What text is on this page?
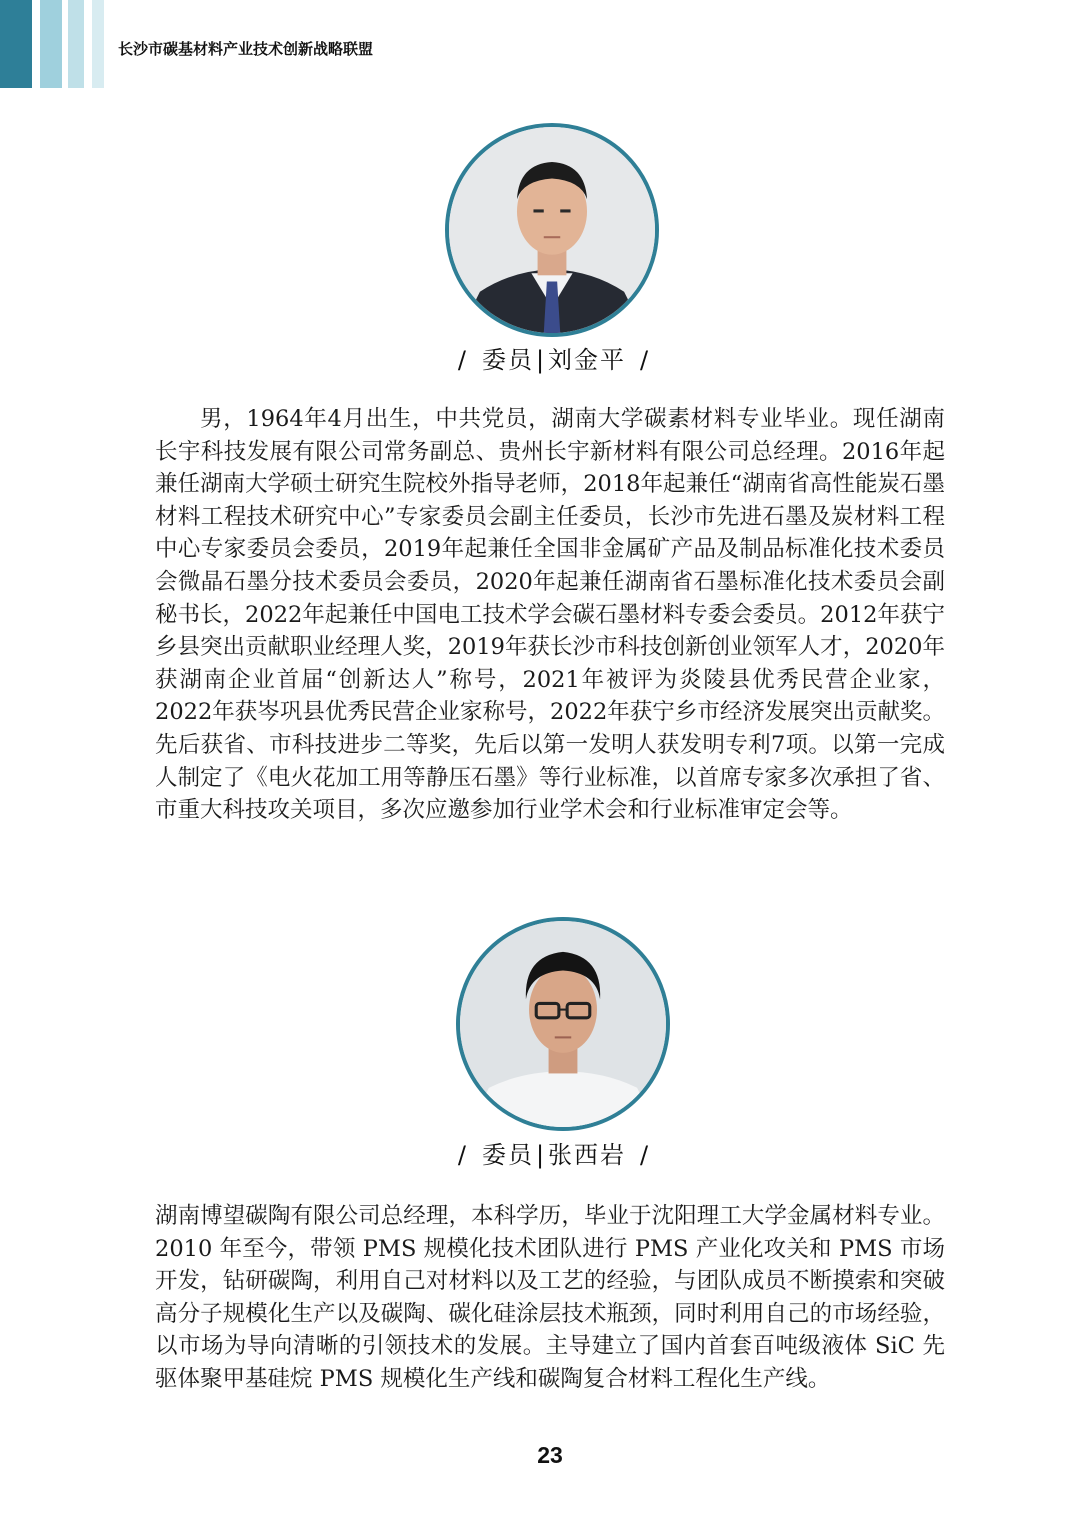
长沙市碳基材料产业技术创新战略联盟
/ 委员|刘金平 /

男，1964年4月出生，中共党员，湖南大学碳素材料专业毕业。现任湖南长宇科技发展有限公司常务副总、贵州长宇新材料有限公司总经理。2016年起兼任湖南大学硕士研究生院校外指导老师，2018年起兼任“湖南省高性能炭石墨材料工程技术研究中心”专家委员会副主任委员，长沙市先进石墨及炭材料工程中心专家委员会委员，2019年起兼任全国非金属矿产品及制品标准化技术委员会微晶石墨分技术委员会委员，2020年起兼任湖南省石墨标准化技术委员会副秘书长，2022年起兼任中国电工技术学会碳石墨材料专委会委员。2012年获宁乡县突出贡献职业经理人奖，2019年获长沙市科技创新创业领军人才，2020年获湖南企业首届“创新达人”称号，2021年被评为炎陵县优秀民营企业家，2022年获岑巩县优秀民营企业家称号，2022年获宁乡市经济发展突出贡献奖。先后获省、市科技进步二等奖，先后以第一发明人获发明专利7项。以第一完成人制定了《电火花加工用等静压石墨》等行业标准，以首席专家多次承担了省、市重大科技攻关项目，多次应邀参加行业学术会和行业标准审定会等。

/ 委员|张西岩 /

湖南博望碳陶有限公司总经理，本科学历，毕业于沈阳理工大学金属材料专业。2010 年至今，带领 PMS 规模化技术团队进行 PMS 产业化攻关和 PMS 市场开发，钻研碳陶，利用自己对材料以及工艺的经验，与团队成员不断摸索和突破高分子规模化生产以及碳陶、碳化硅涂层技术瓶颈，同时利用自己的市场经验，以市场为导向清晰的引领技术的发展。主导建立了国内首套百吨级液体 SiC 先驱体聚甲基硅烷 PMS 规模化生产线和碳陶复合材料工程化生产线。

23
